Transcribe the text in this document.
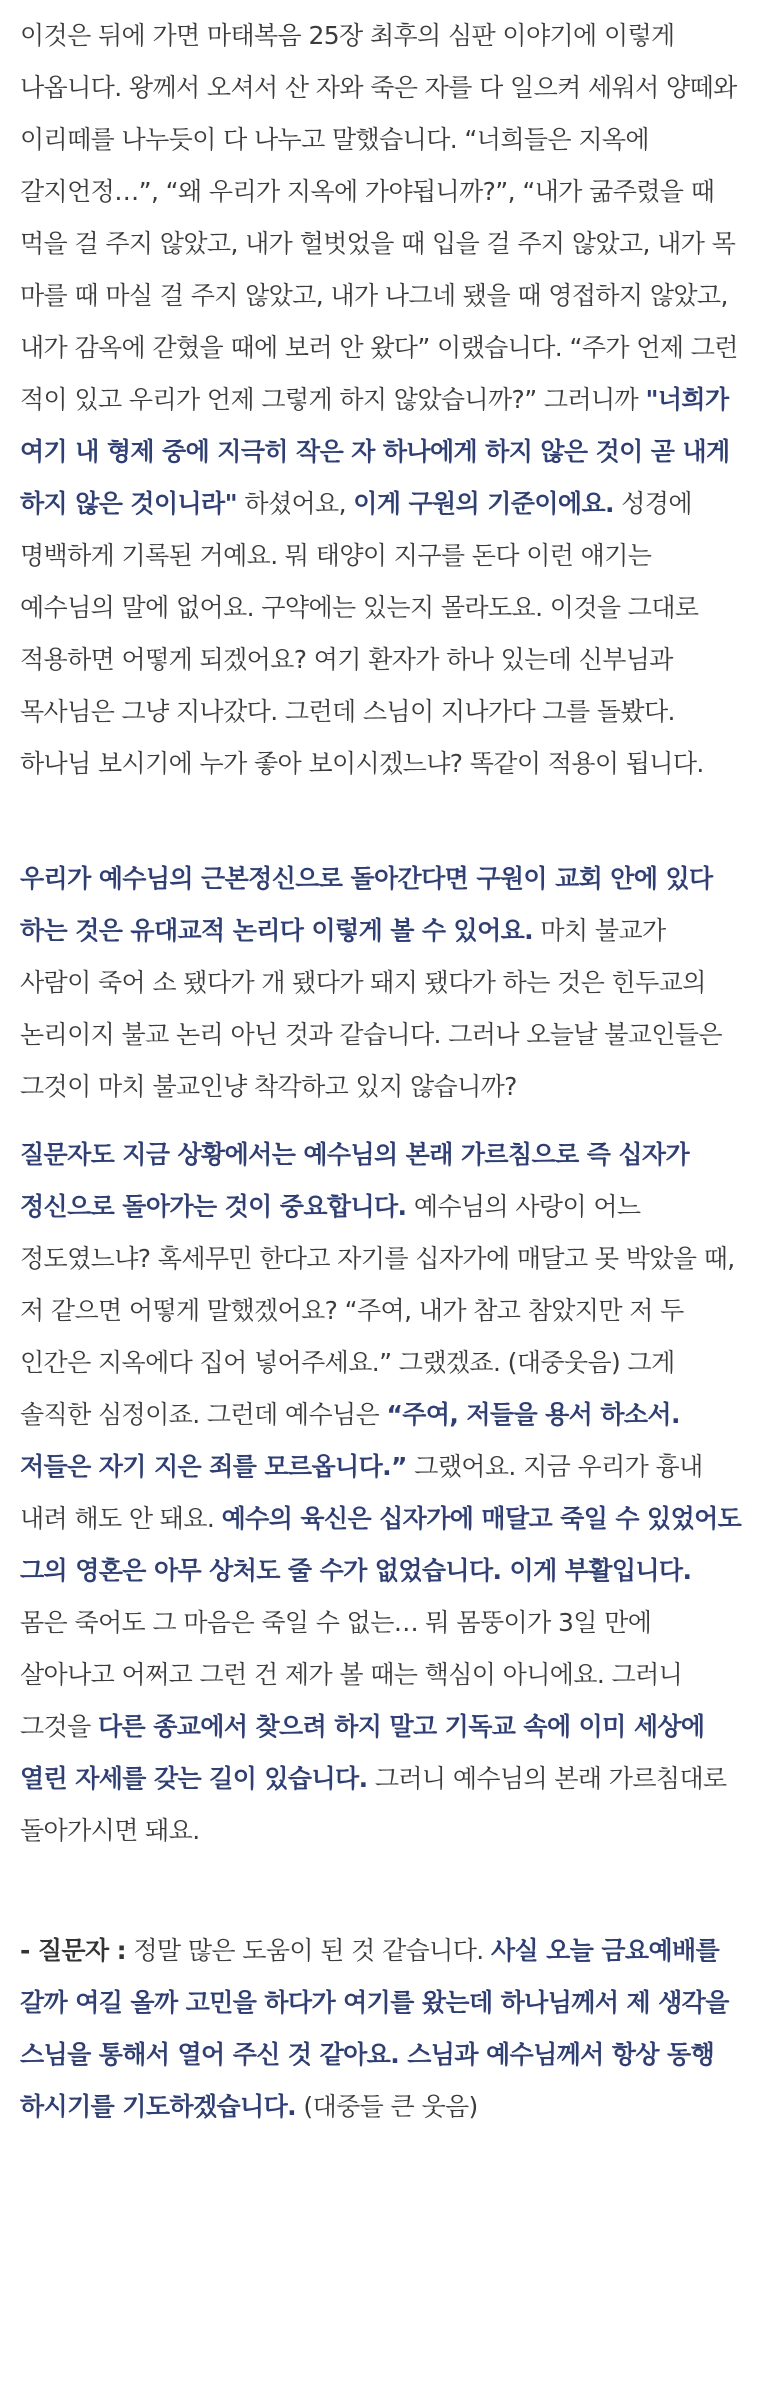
이것은 뒤에 가면 마태복음 25장 최후의 심판 이야기에 이렇게 나옵니다. 왕께서 오셔서 산 자와 죽은 자를 다 일으켜 세워서 양떼와 이리떼를 나누듯이 다 나누고 말했습니다. “너희들은 지옥에 갈지언정…”, “왜 우리가 지옥에 가야됩니까?”, “내가 굶주렸을 때 먹을 걸 주지 않았고, 내가 헐벗었을 때 입을 걸 주지 않았고, 내가 목 마를 때 마실 걸 주지 않았고, 내가 나그네 됐을 때 영접하지 않았고, 내가 감옥에 갇혔을 때에 보러 안 왔다” 이랬습니다. “주가 언제 그런 적이 있고 우리가 언제 그렇게 하지 않았습니까?” 그러니까 "너희가 여기 내 형제 중에 지극히 작은 자 하나에게 하지 않은 것이 곧 내게 하지 않은 것이니라" 하셨어요, 이게 구원의 기준이에요. 성경에 명백하게 기록된 거예요. 뭐 태양이 지구를 돈다 이런 얘기는 예수님의 말에 없어요. 구약에는 있는지 몰라도요. 이것을 그대로 적용하면 어떻게 되겠어요? 여기 환자가 하나 있는데 신부님과 목사님은 그냥 지나갔다. 그런데 스님이 지나가다 그를 돌봤다. 하나님 보시기에 누가 좋아 보이시겠느냐? 똑같이 적용이 됩니다.

우리가 예수님의 근본정신으로 돌아간다면 구원이 교회 안에 있다 하는 것은 유대교적 논리다 이렇게 볼 수 있어요. 마치 불교가 사람이 죽어 소 됐다가 개 됐다가 돼지 됐다가 하는 것은 힌두교의 논리이지 불교 논리 아닌 것과 같습니다. 그러나 오늘날 불교인들은 그것이 마치 불교인냥 착각하고 있지 않습니까?

질문자도 지금 상황에서는 예수님의 본래 가르침으로 즉 십자가 정신으로 돌아가는 것이 중요합니다. 예수님의 사랑이 어느 정도였느냐? 혹세무민 한다고 자기를 십자가에 매달고 못 박았을 때, 저 같으면 어떻게 말했겠어요? “주여, 내가 참고 참았지만 저 두 인간은 지옥에다 집어 넣어주세요.” 그랬겠죠. (대중웃음) 그게 솔직한 심정이죠. 그런데 예수님은 “주여, 저들을 용서 하소서. 저들은 자기 지은 죄를 모르옵니다.” 그랬어요. 지금 우리가 흉내 내려 해도 안 돼요. 예수의 육신은 십자가에 매달고 죽일 수 있었어도 그의 영혼은 아무 상처도 줄 수가 없었습니다. 이게 부활입니다. 몸은 죽어도 그 마음은 죽일 수 없는… 뭐 몸뚱이가 3일 만에 살아나고 어쩌고 그런 건 제가 볼 때는 핵심이 아니에요. 그러니 그것을 다른 종교에서 찾으려 하지 말고 기독교 속에 이미 세상에 열린 자세를 갖는 길이 있습니다. 그러니 예수님의 본래 가르침대로 돌아가시면 돼요.

- 질문자 : 정말 많은 도움이 된 것 같습니다. 사실 오늘 금요예배를 갈까 여길 올까 고민을 하다가 여기를 왔는데 하나님께서 제 생각을 스님을 통해서 열어 주신 것 같아요. 스님과 예수님께서 항상 동행 하시기를 기도하겠습니다. (대중들 큰 웃음)
